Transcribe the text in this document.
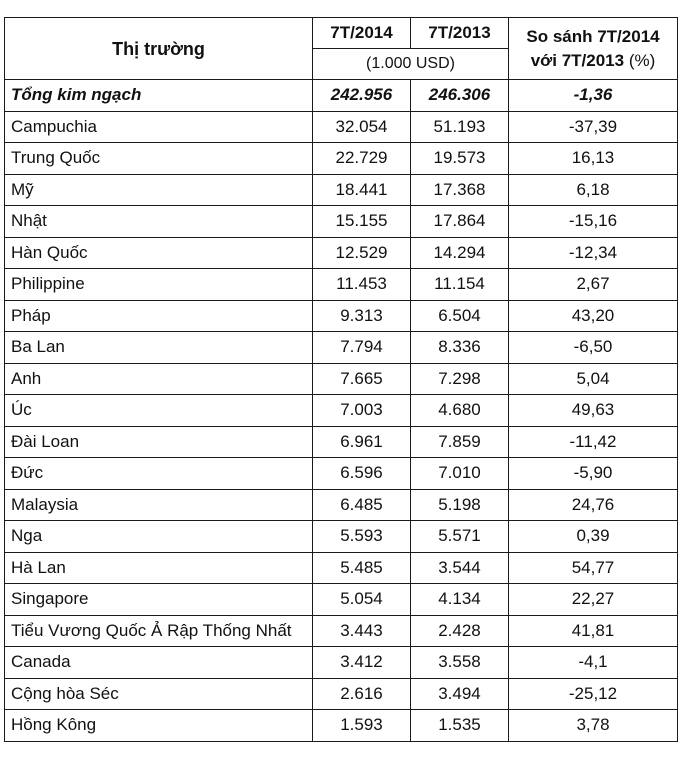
Thị trường	7T/2014	7T/2013	So sánh 7T/2014
với 7T/2013 (%)
	(1.000 USD)		
Tổng kim ngạch	242.956	246.306	-1,36
Campuchia	32.054	51.193	-37,39
Trung Quốc	22.729	19.573	16,13
Mỹ	18.441	17.368	6,18
Nhật	15.155	17.864	-15,16
Hàn Quốc	12.529	14.294	-12,34
Philippine	11.453	11.154	2,67
Pháp	9.313	6.504	43,20
Ba Lan	7.794	8.336	-6,50
Anh	7.665	7.298	5,04
Úc	7.003	4.680	49,63
Đài Loan	6.961	7.859	-11,42
Đức	6.596	7.010	-5,90
Malaysia	6.485	5.198	24,76
Nga	5.593	5.571	0,39
Hà Lan	5.485	3.544	54,77
Singapore	5.054	4.134	22,27
Tiểu Vương Quốc Ả Rập Thống Nhất	3.443	2.428	41,81
Canada	3.412	3.558	-4,1
Cộng hòa Séc	2.616	3.494	-25,12
Hồng Kông	1.593	1.535	3,78
